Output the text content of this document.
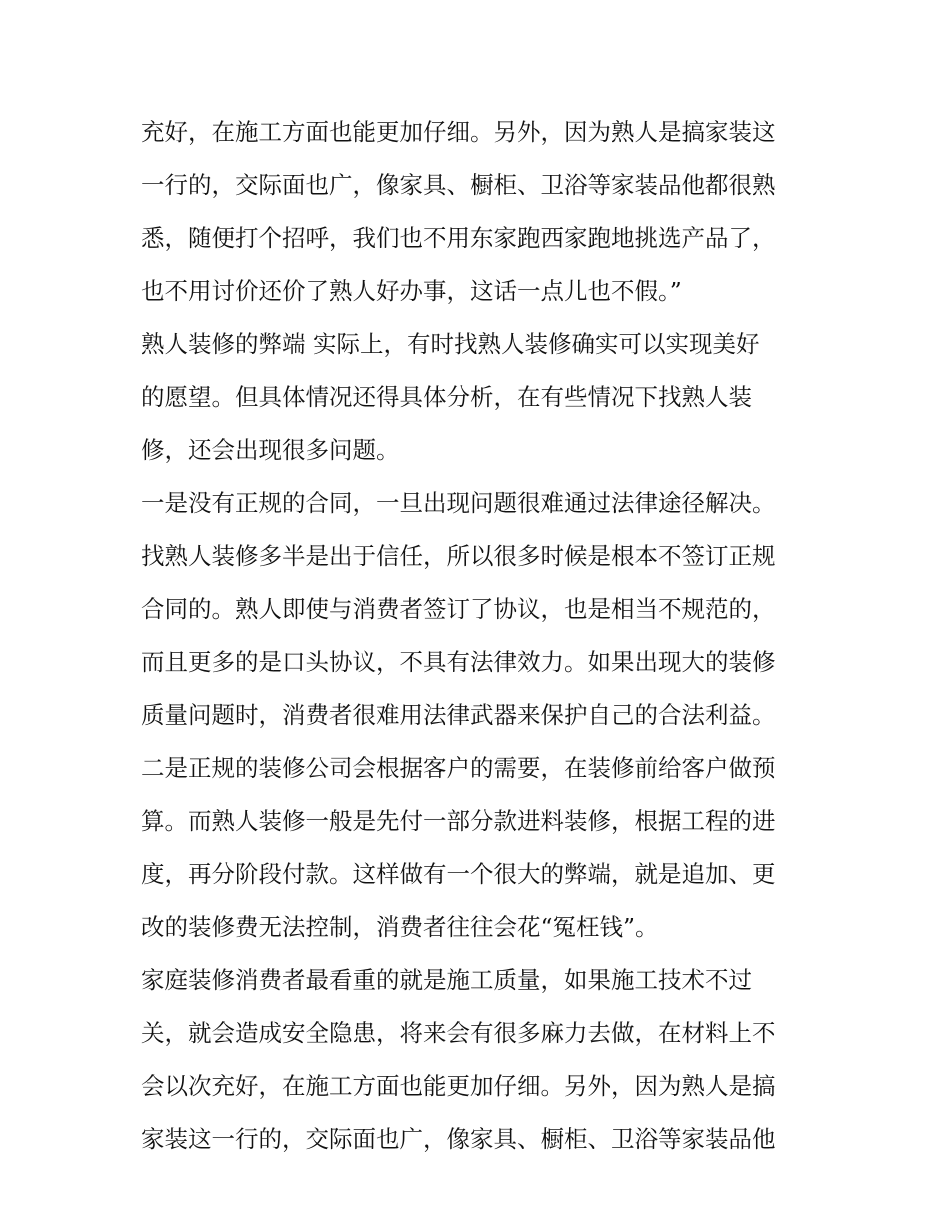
充好，在施工方面也能更加仔细。另外，因为熟人是搞家装这
一行的，交际面也广，像家具、橱柜、卫浴等家装品他都很熟
悉，随便打个招呼，我们也不用东家跑西家跑地挑选产品了，
也不用讨价还价了熟人好办事，这话一点儿也不假。”
熟人装修的弊端 实际上，有时找熟人装修确实可以实现美好
的愿望。但具体情况还得具体分析，在有些情况下找熟人装
修，还会出现很多问题。
一是没有正规的合同，一旦出现问题很难通过法律途径解决。
找熟人装修多半是出于信任，所以很多时候是根本不签订正规
合同的。熟人即使与消费者签订了协议，也是相当不规范的，
而且更多的是口头协议，不具有法律效力。如果出现大的装修
质量问题时，消费者很难用法律武器来保护自己的合法利益。
二是正规的装修公司会根据客户的需要，在装修前给客户做预
算。而熟人装修一般是先付一部分款进料装修，根据工程的进
度，再分阶段付款。这样做有一个很大的弊端，就是追加、更
改的装修费无法控制，消费者往往会花“冤枉钱”。
家庭装修消费者最看重的就是施工质量，如果施工技术不过
关，就会造成安全隐患，将来会有很多麻力去做，在材料上不
会以次充好，在施工方面也能更加仔细。另外，因为熟人是搞
家装这一行的，交际面也广，像家具、橱柜、卫浴等家装品他
